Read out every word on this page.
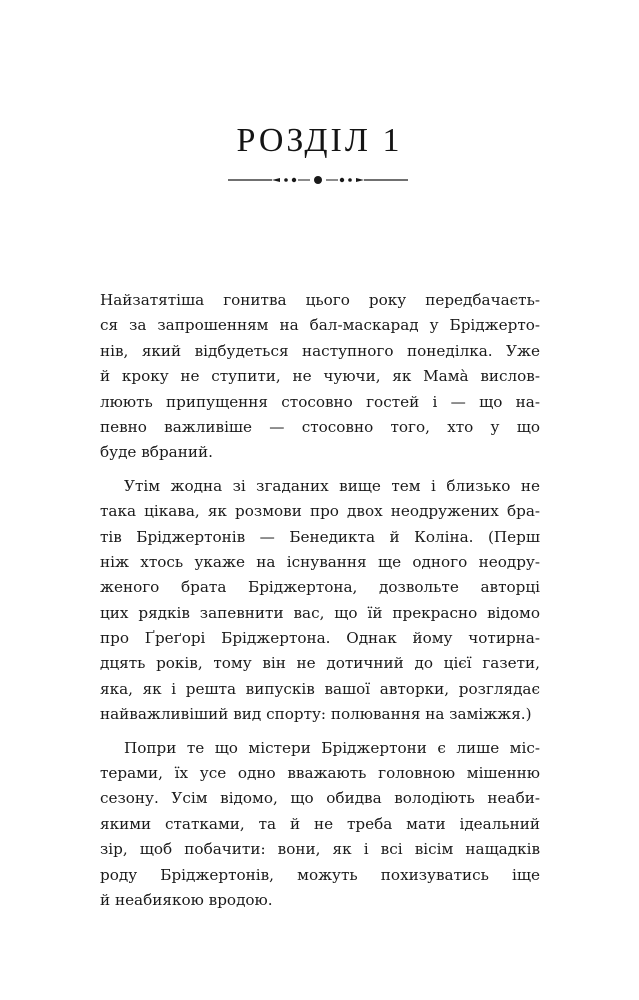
РОЗДІЛ 1
Найзатятіша гонитва цього року передбачаєть-
ся за запрошенням на бал-маскарад у Бріджерто-
нів, який відбудеться наступного понеділка. Уже
й кроку не ступити, не чуючи, як Мама̀ вислов-
люють припущення стосовно гостей і — що на-
певно важливіше — стосовно того, хто у що
буде вбраний.
Утім жодна зі згаданих вище тем і близько не
така цікава, як розмови про двох неодружених бра-
тів Бріджертонів — Бенедикта й Коліна. (Перш
ніж хтось укаже на існування ще одного неодру-
женого брата Бріджертона, дозвольте авторці
цих рядків запевнити вас, що їй прекрасно відомо
про Ґреґорі Бріджертона. Однак йому чотирна-
дцять років, тому він не дотичний до цієї газети,
яка, як і решта випусків вашої авторки, розглядає
найважливіший вид спорту: полювання на заміжжя.)
Попри те що містери Бріджертони є лише міс-
терами, їх усе одно вважають головною мішенню
сезону. Усім відомо, що обидва володіють неаби-
якими статками, та й не треба мати ідеальний
зір, щоб побачити: вони, як і всі вісім нащадків
роду Бріджертонів, можуть похизуватись іще
й неабиякою вродою.
